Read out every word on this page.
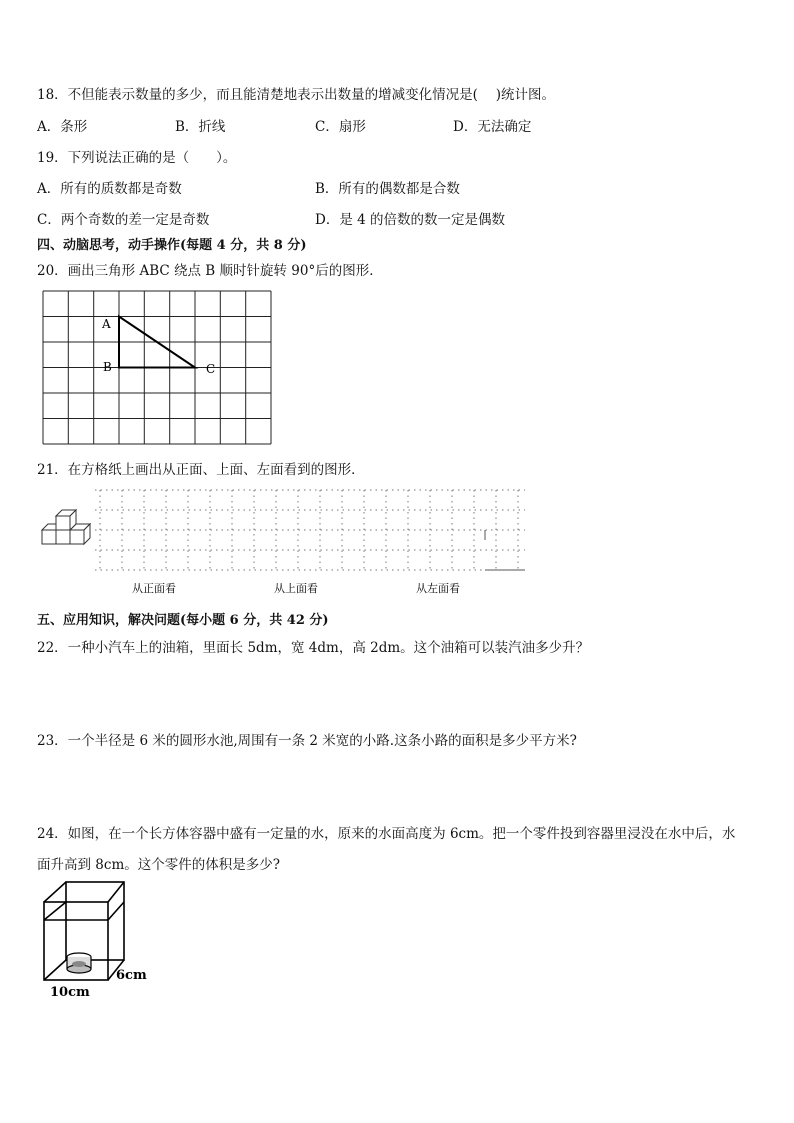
18．不但能表示数量的多少，而且能清楚地表示出数量的增减变化情况是(　 )统计图。
A．条形	B．折线	C．扇形	D．无法确定
19．下列说法正确的是（　　）。
A．所有的质数都是奇数	B．所有的偶数都是合数
C．两个奇数的差一定是奇数	D．是 4 的倍数的数一定是偶数
四、动脑思考，动手操作(每题 4 分，共 8 分)
20．画出三角形 ABC 绕点 B 顺时针旋转 90°后的图形．
A
B	C
21．在方格纸上画出从正面、上面、左面看到的图形．
从正面看	从上面看	从左面看
五、应用知识，解决问题(每小题 6 分，共 42 分)
22．一种小汽车上的油箱，里面长 5dm，宽 4dm，高 2dm。这个油箱可以装汽油多少升？
23．一个半径是 6 米的圆形水池,周围有一条 2 米宽的小路.这条小路的面积是多少平方米?
24．如图，在一个长方体容器中盛有一定量的水，原来的水面高度为 6cm。把一个零件投到容器里浸没在水中后，水
面升高到 8cm。这个零件的体积是多少?
6cm
10cm
